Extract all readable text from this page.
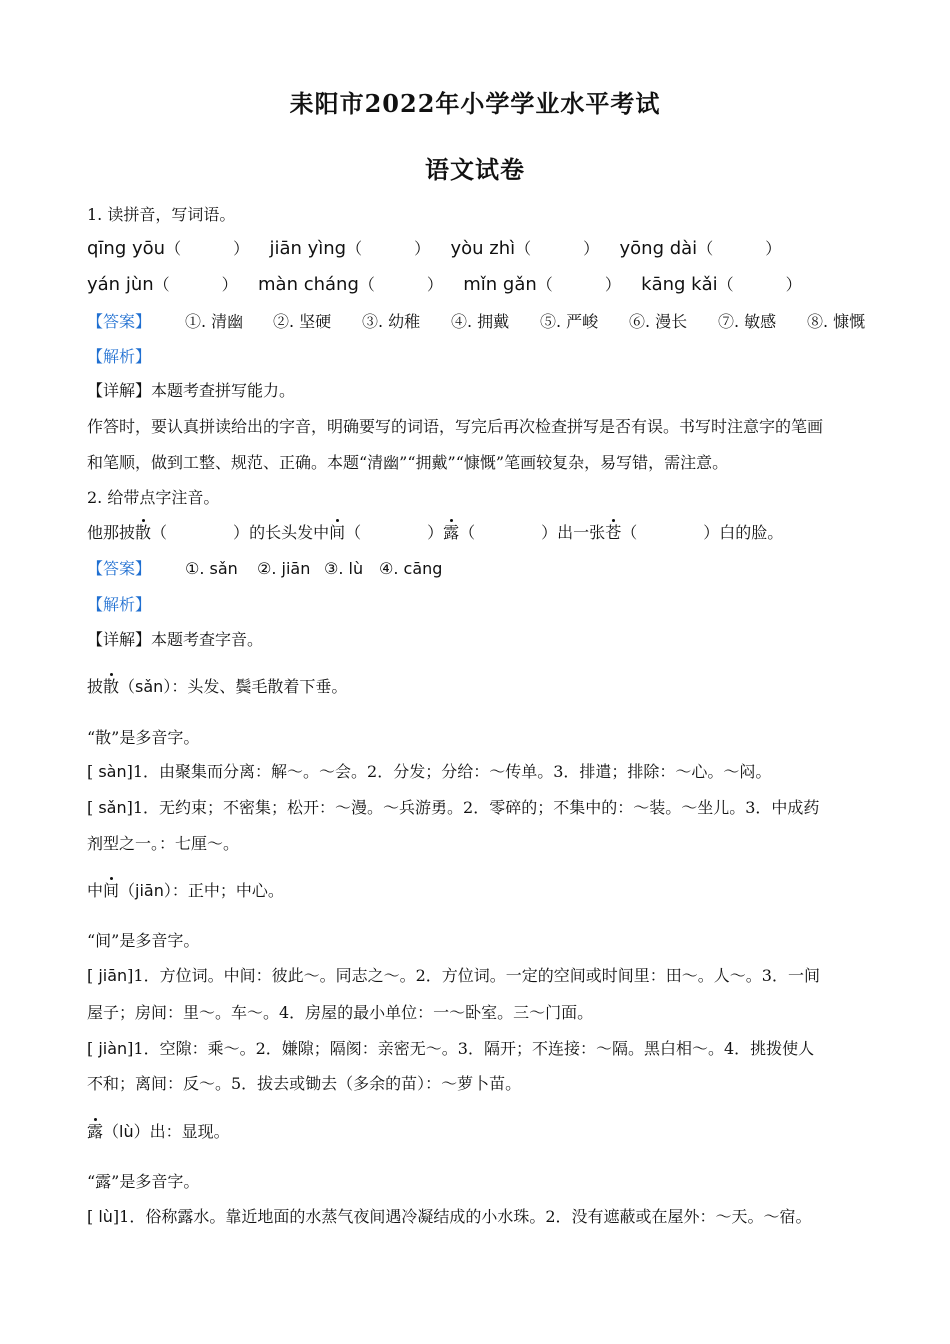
耒阳市2022年小学学业水平考试
语文试卷
1. 读拼音，写词语。
qīng yōu（	） jiān yìng（	） yòu zhì（	） yōng dài（	）
yán jùn（	） màn cháng（	） mǐn gǎn（	） kāng kǎi（	）
【答案】 ①. 清幽 ②. 坚硬 ③. 幼稚 ④. 拥戴 ⑤. 严峻 ⑥. 漫长 ⑦. 敏感 ⑧. 慷慨
【解析】
【详解】本题考查拼写能力。
作答时，要认真拼读给出的字音，明确要写的词语，写完后再次检查拼写是否有误。书写时注意字的笔画
和笔顺，做到工整、规范、正确。本题“清幽”“拥戴”“慷慨”笔画较复杂，易写错，需注意。
2. 给带点字注音。
他那披散（	）的长头发中间（	）露（	）出一张苍（	）白的脸。
【答案】 ①. sǎn ②. jiān ③. lù ④. cāng
【解析】
【详解】本题考查字音。
披散（sǎn）：头发、鬓毛散着下垂。
“散”是多音字。
[ sàn]1．由聚集而分离：解～。～会。2．分发；分给：～传单。3．排遣；排除：～心。～闷。
[ sǎn]1．无约束；不密集；松开：～漫。～兵游勇。2．零碎的；不集中的：～装。～坐儿。3．中成药
剂型之一。：七厘～。
中间（jiān）：正中；中心。
“间”是多音字。
[ jiān]1．方位词。中间：彼此～。同志之～。2．方位词。一定的空间或时间里：田～。人～。3．一间
屋子；房间：里～。车～。4．房屋的最小单位：一～卧室。三～门面。
[ jiàn]1．空隙：乘～。2．嫌隙；隔阂：亲密无～。3．隔开；不连接：～隔。黑白相～。4．挑拨使人
不和；离间：反～。5．拔去或锄去（多余的苗）：～萝卜苗。
露（lù）出：显现。
“露”是多音字。
[ lù]1．俗称露水。靠近地面的水蒸气夜间遇冷凝结成的小水珠。2．没有遮蔽或在屋外：～天。～宿。
